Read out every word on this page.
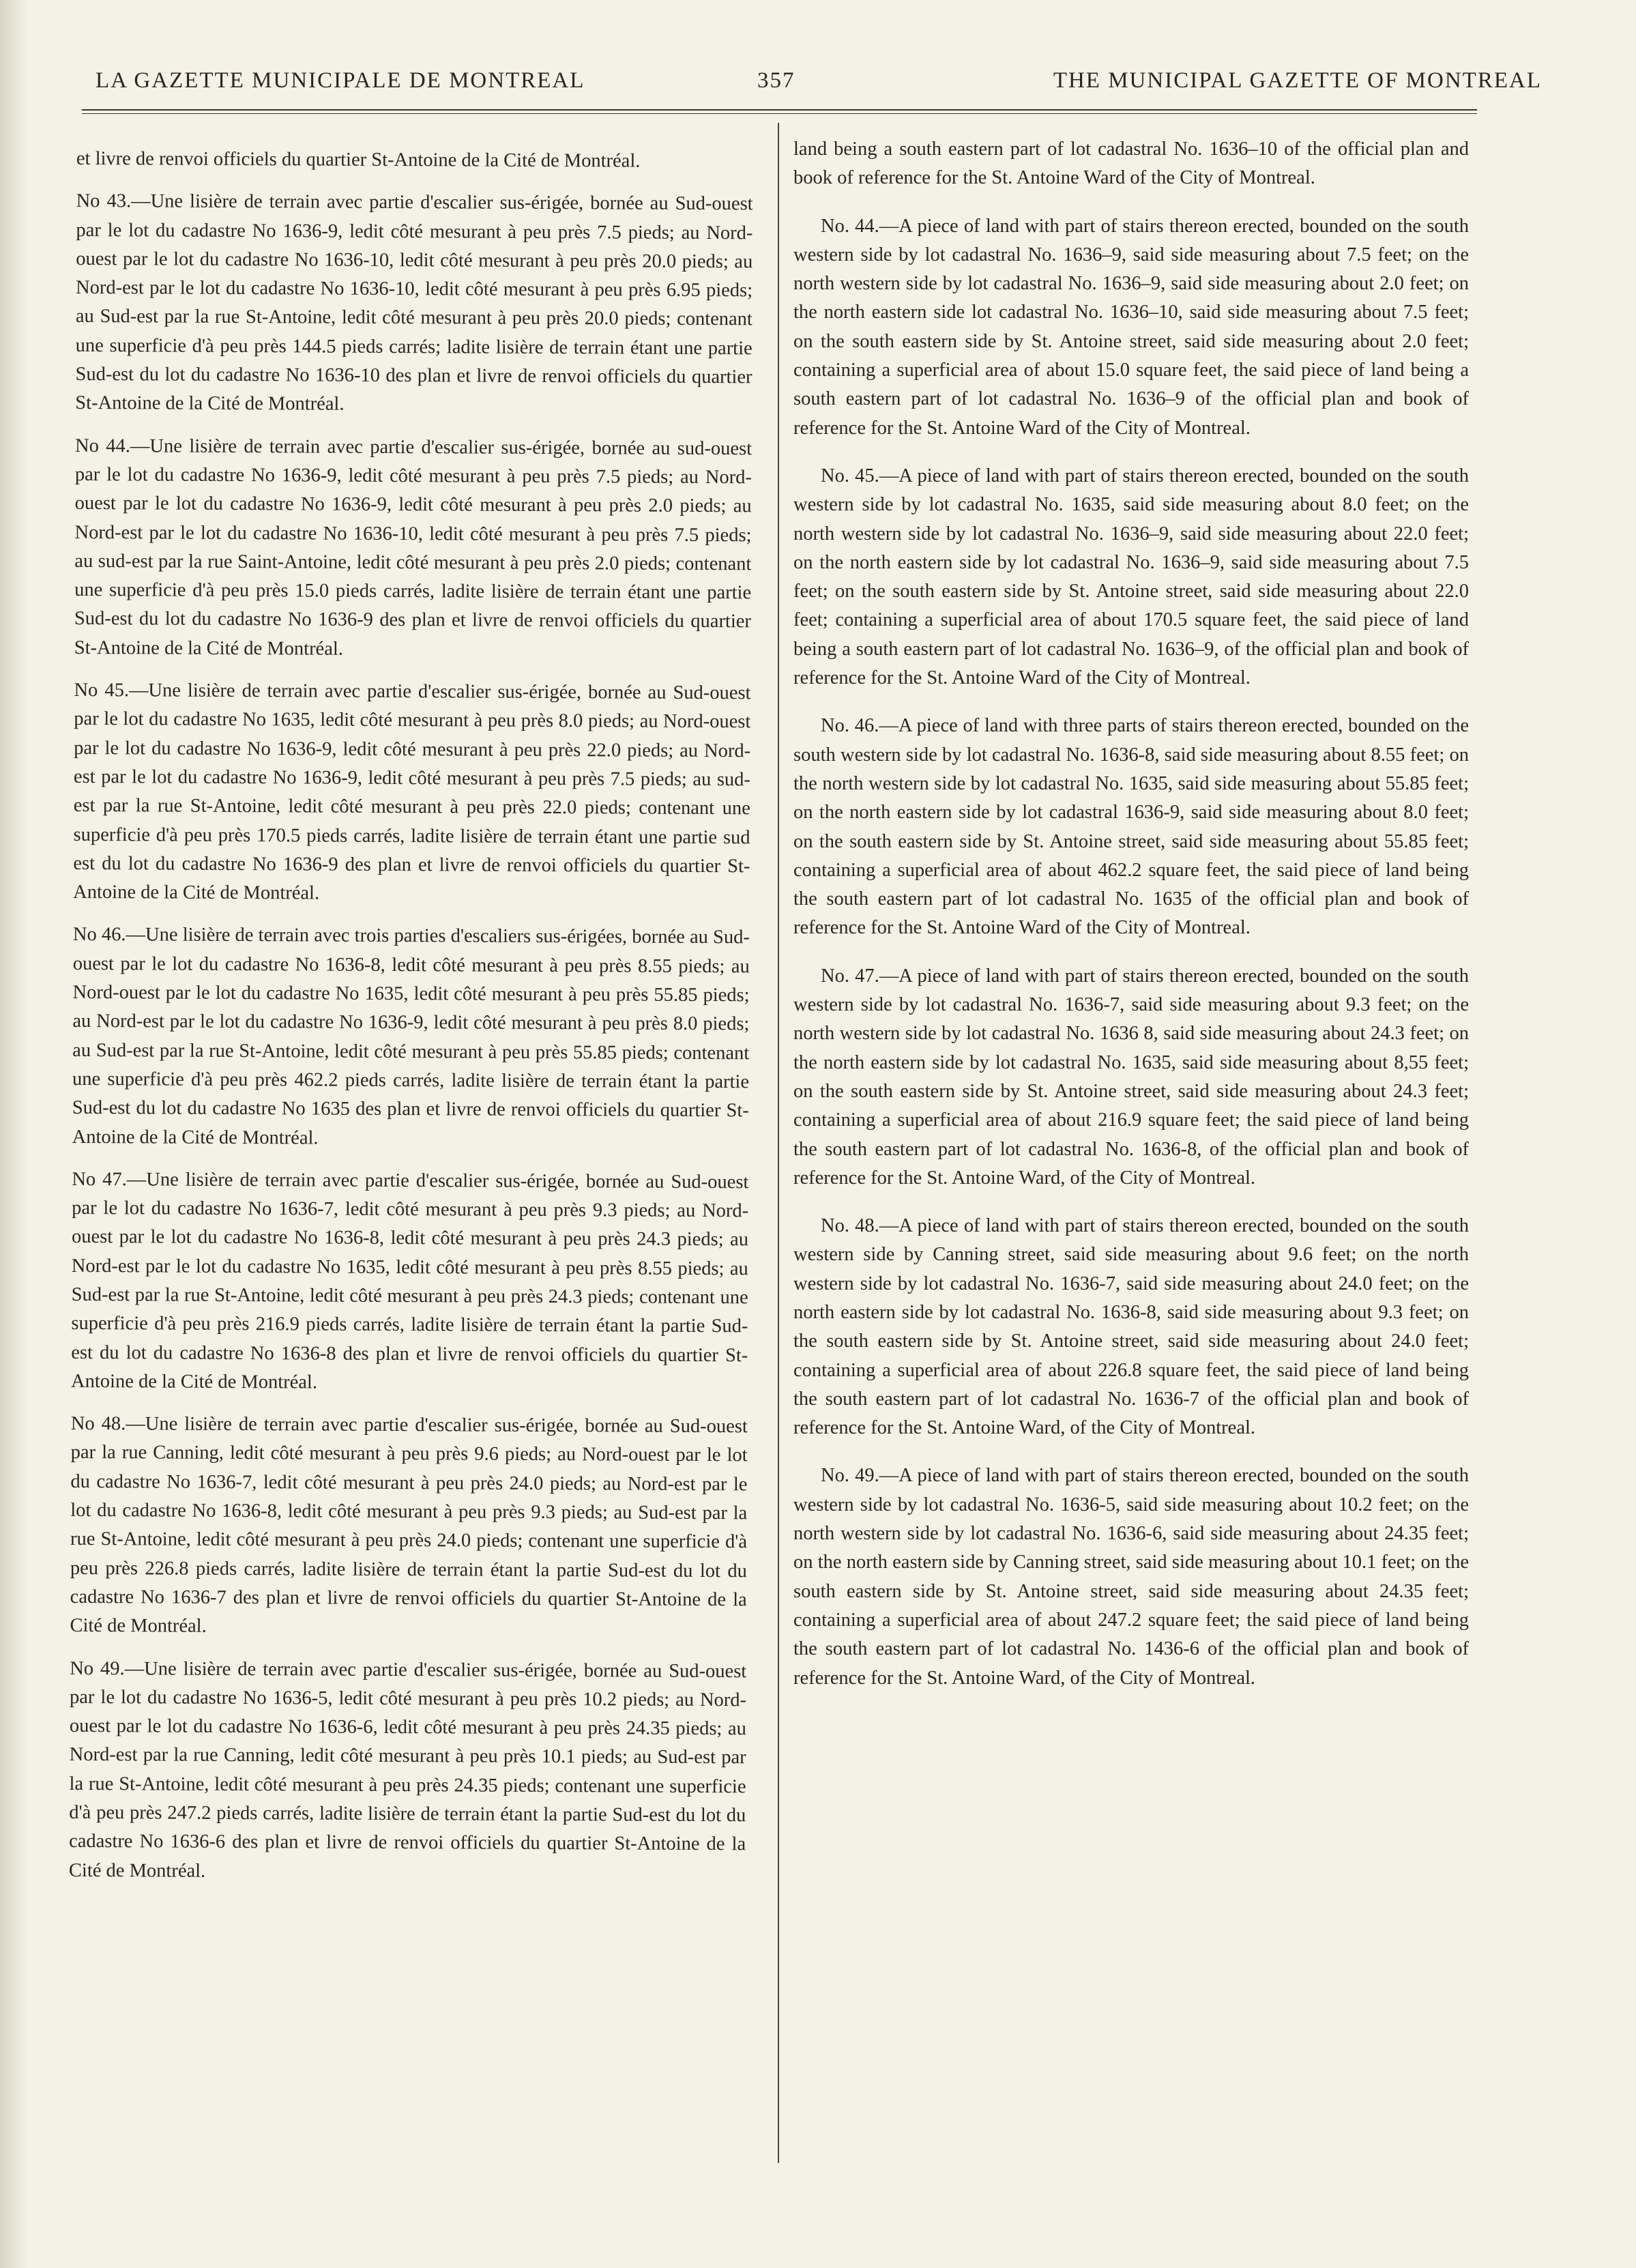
LA GAZETTE MUNICIPALE DE MONTREAL	357	THE MUNICIPAL GAZETTE OF MONTREAL

et livre de renvoi officiels du quartier St-Antoine de la Cité de Montréal.

No 43.—Une lisière de terrain avec partie d'escalier sus-érigée, bornée au Sud-ouest par le lot du cadastre No 1636-9, ledit côté mesurant à peu près 7.5 pieds; au Nord-ouest par le lot du cadastre No 1636-10, ledit côté mesurant à peu près 20.0 pieds; au Nord-est par le lot du cadastre No 1636-10, ledit côté mesurant à peu près 6.95 pieds; au Sud-est par la rue St-Antoine, ledit côté mesurant à peu près 20.0 pieds; contenant une superficie d'à peu près 144.5 pieds carrés; ladite lisière de terrain étant une partie Sud-est du lot du cadastre No 1636-10 des plan et livre de renvoi officiels du quartier St-Antoine de la Cité de Montréal.

No 44.—Une lisière de terrain avec partie d'escalier sus-érigée, bornée au sud-ouest par le lot du cadastre No 1636-9, ledit côté mesurant à peu près 7.5 pieds; au Nord-ouest par le lot du cadastre No 1636-9, ledit côté mesurant à peu près 2.0 pieds; au Nord-est par le lot du cadastre No 1636-10, ledit côté mesurant à peu près 7.5 pieds; au sud-est par la rue Saint-Antoine, ledit côté mesurant à peu près 2.0 pieds; contenant une superficie d'à peu près 15.0 pieds carrés, ladite lisière de terrain étant une partie Sud-est du lot du cadastre No 1636-9 des plan et livre de renvoi officiels du quartier St-Antoine de la Cité de Montréal.

No 45.—Une lisière de terrain avec partie d'escalier sus-érigée, bornée au Sud-ouest par le lot du cadastre No 1635, ledit côté mesurant à peu près 8.0 pieds; au Nord-ouest par le lot du cadastre No 1636-9, ledit côté mesurant à peu près 22.0 pieds; au Nord-est par le lot du cadastre No 1636-9, ledit côté mesurant à peu près 7.5 pieds; au sud-est par la rue St-Antoine, ledit côté mesurant à peu près 22.0 pieds; contenant une superficie d'à peu près 170.5 pieds carrés, ladite lisière de terrain étant une partie sud est du lot du cadastre No 1636-9 des plan et livre de renvoi officiels du quartier St-Antoine de la Cité de Montréal.

No 46.—Une lisière de terrain avec trois parties d'escaliers sus-érigées, bornée au Sud-ouest par le lot du cadastre No 1636-8, ledit côté mesurant à peu près 8.55 pieds; au Nord-ouest par le lot du cadastre No 1635, ledit côté mesurant à peu près 55.85 pieds; au Nord-est par le lot du cadastre No 1636-9, ledit côté mesurant à peu près 8.0 pieds; au Sud-est par la rue St-Antoine, ledit côté mesurant à peu près 55.85 pieds; contenant une superficie d'à peu près 462.2 pieds carrés, ladite lisière de terrain étant la partie Sud-est du lot du cadastre No 1635 des plan et livre de renvoi officiels du quartier St-Antoine de la Cité de Montréal.

No 47.—Une lisière de terrain avec partie d'escalier sus-érigée, bornée au Sud-ouest par le lot du cadastre No 1636-7, ledit côté mesurant à peu près 9.3 pieds; au Nord-ouest par le lot du cadastre No 1636-8, ledit côté mesurant à peu près 24.3 pieds; au Nord-est par le lot du cadastre No 1635, ledit côté mesurant à peu près 8.55 pieds; au Sud-est par la rue St-Antoine, ledit côté mesurant à peu près 24.3 pieds; contenant une superficie d'à peu près 216.9 pieds carrés, ladite lisière de terrain étant la partie Sud-est du lot du cadastre No 1636-8 des plan et livre de renvoi officiels du quartier St-Antoine de la Cité de Montréal.

No 48.—Une lisière de terrain avec partie d'escalier sus-érigée, bornée au Sud-ouest par la rue Canning, ledit côté mesurant à peu près 9.6 pieds; au Nord-ouest par le lot du cadastre No 1636-7, ledit côté mesurant à peu près 24.0 pieds; au Nord-est par le lot du cadastre No 1636-8, ledit côté mesurant à peu près 9.3 pieds; au Sud-est par la rue St-Antoine, ledit côté mesurant à peu près 24.0 pieds; contenant une superficie d'à peu près 226.8 pieds carrés, ladite lisière de terrain étant la partie Sud-est du lot du cadastre No 1636-7 des plan et livre de renvoi officiels du quartier St-Antoine de la Cité de Montréal.

No 49.—Une lisière de terrain avec partie d'escalier sus-érigée, bornée au Sud-ouest par le lot du cadastre No 1636-5, ledit côté mesurant à peu près 10.2 pieds; au Nord-ouest par le lot du cadastre No 1636-6, ledit côté mesurant à peu près 24.35 pieds; au Nord-est par la rue Canning, ledit côté mesurant à peu près 10.1 pieds; au Sud-est par la rue St-Antoine, ledit côté mesurant à peu près 24.35 pieds; contenant une superficie d'à peu près 247.2 pieds carrés, ladite lisière de terrain étant la partie Sud-est du lot du cadastre No 1636-6 des plan et livre de renvoi officiels du quartier St-Antoine de la Cité de Montréal.

land being a south eastern part of lot cadastral No. 1636–10 of the official plan and book of reference for the St. Antoine Ward of the City of Montreal.

No. 44.—A piece of land with part of stairs thereon erected, bounded on the south western side by lot cadastral No. 1636–9, said side measuring about 7.5 feet; on the north western side by lot cadastral No. 1636–9, said side measuring about 2.0 feet; on the north eastern side lot cadastral No. 1636–10, said side measuring about 7.5 feet; on the south eastern side by St. Antoine street, said side measuring about 2.0 feet; containing a superficial area of about 15.0 square feet, the said piece of land being a south eastern part of lot cadastral No. 1636–9 of the official plan and book of reference for the St. Antoine Ward of the City of Montreal.

No. 45.—A piece of land with part of stairs thereon erected, bounded on the south western side by lot cadastral No. 1635, said side measuring about 8.0 feet; on the north western side by lot cadastral No. 1636–9, said side measuring about 22.0 feet; on the north eastern side by lot cadastral No. 1636–9, said side measuring about 7.5 feet; on the south eastern side by St. Antoine street, said side measuring about 22.0 feet; containing a superficial area of about 170.5 square feet, the said piece of land being a south eastern part of lot cadastral No. 1636–9, of the official plan and book of reference for the St. Antoine Ward of the City of Montreal.

No. 46.—A piece of land with three parts of stairs thereon erected, bounded on the south western side by lot cadastral No. 1636-8, said side measuring about 8.55 feet; on the north western side by lot cadastral No. 1635, said side measuring about 55.85 feet; on the north eastern side by lot cadastral 1636-9, said side measuring about 8.0 feet; on the south eastern side by St. Antoine street, said side measuring about 55.85 feet; containing a superficial area of about 462.2 square feet, the said piece of land being the south eastern part of lot cadastral No. 1635 of the official plan and book of reference for the St. Antoine Ward of the City of Montreal.

No. 47.—A piece of land with part of stairs thereon erected, bounded on the south western side by lot cadastral No. 1636-7, said side measuring about 9.3 feet; on the north western side by lot cadastral No. 1636 8, said side measuring about 24.3 feet; on the north eastern side by lot cadastral No. 1635, said side measuring about 8,55 feet; on the south eastern side by St. Antoine street, said side measuring about 24.3 feet; containing a superficial area of about 216.9 square feet; the said piece of land being the south eastern part of lot cadastral No. 1636-8, of the official plan and book of reference for the St. Antoine Ward, of the City of Montreal.

No. 48.—A piece of land with part of stairs thereon erected, bounded on the south western side by Canning street, said side measuring about 9.6 feet; on the north western side by lot cadastral No. 1636-7, said side measuring about 24.0 feet; on the north eastern side by lot cadastral No. 1636-8, said side measuring about 9.3 feet; on the south eastern side by St. Antoine street, said side measuring about 24.0 feet; containing a superficial area of about 226.8 square feet, the said piece of land being the south eastern part of lot cadastral No. 1636-7 of the official plan and book of reference for the St. Antoine Ward, of the City of Montreal.

No. 49.—A piece of land with part of stairs thereon erected, bounded on the south western side by lot cadastral No. 1636-5, said side measuring about 10.2 feet; on the north western side by lot cadastral No. 1636-6, said side measuring about 24.35 feet; on the north eastern side by Canning street, said side measuring about 10.1 feet; on the south eastern side by St. Antoine street, said side measuring about 24.35 feet; containing a superficial area of about 247.2 square feet; the said piece of land being the south eastern part of lot cadastral No. 1436-6 of the official plan and book of reference for the St. Antoine Ward, of the City of Montreal.
